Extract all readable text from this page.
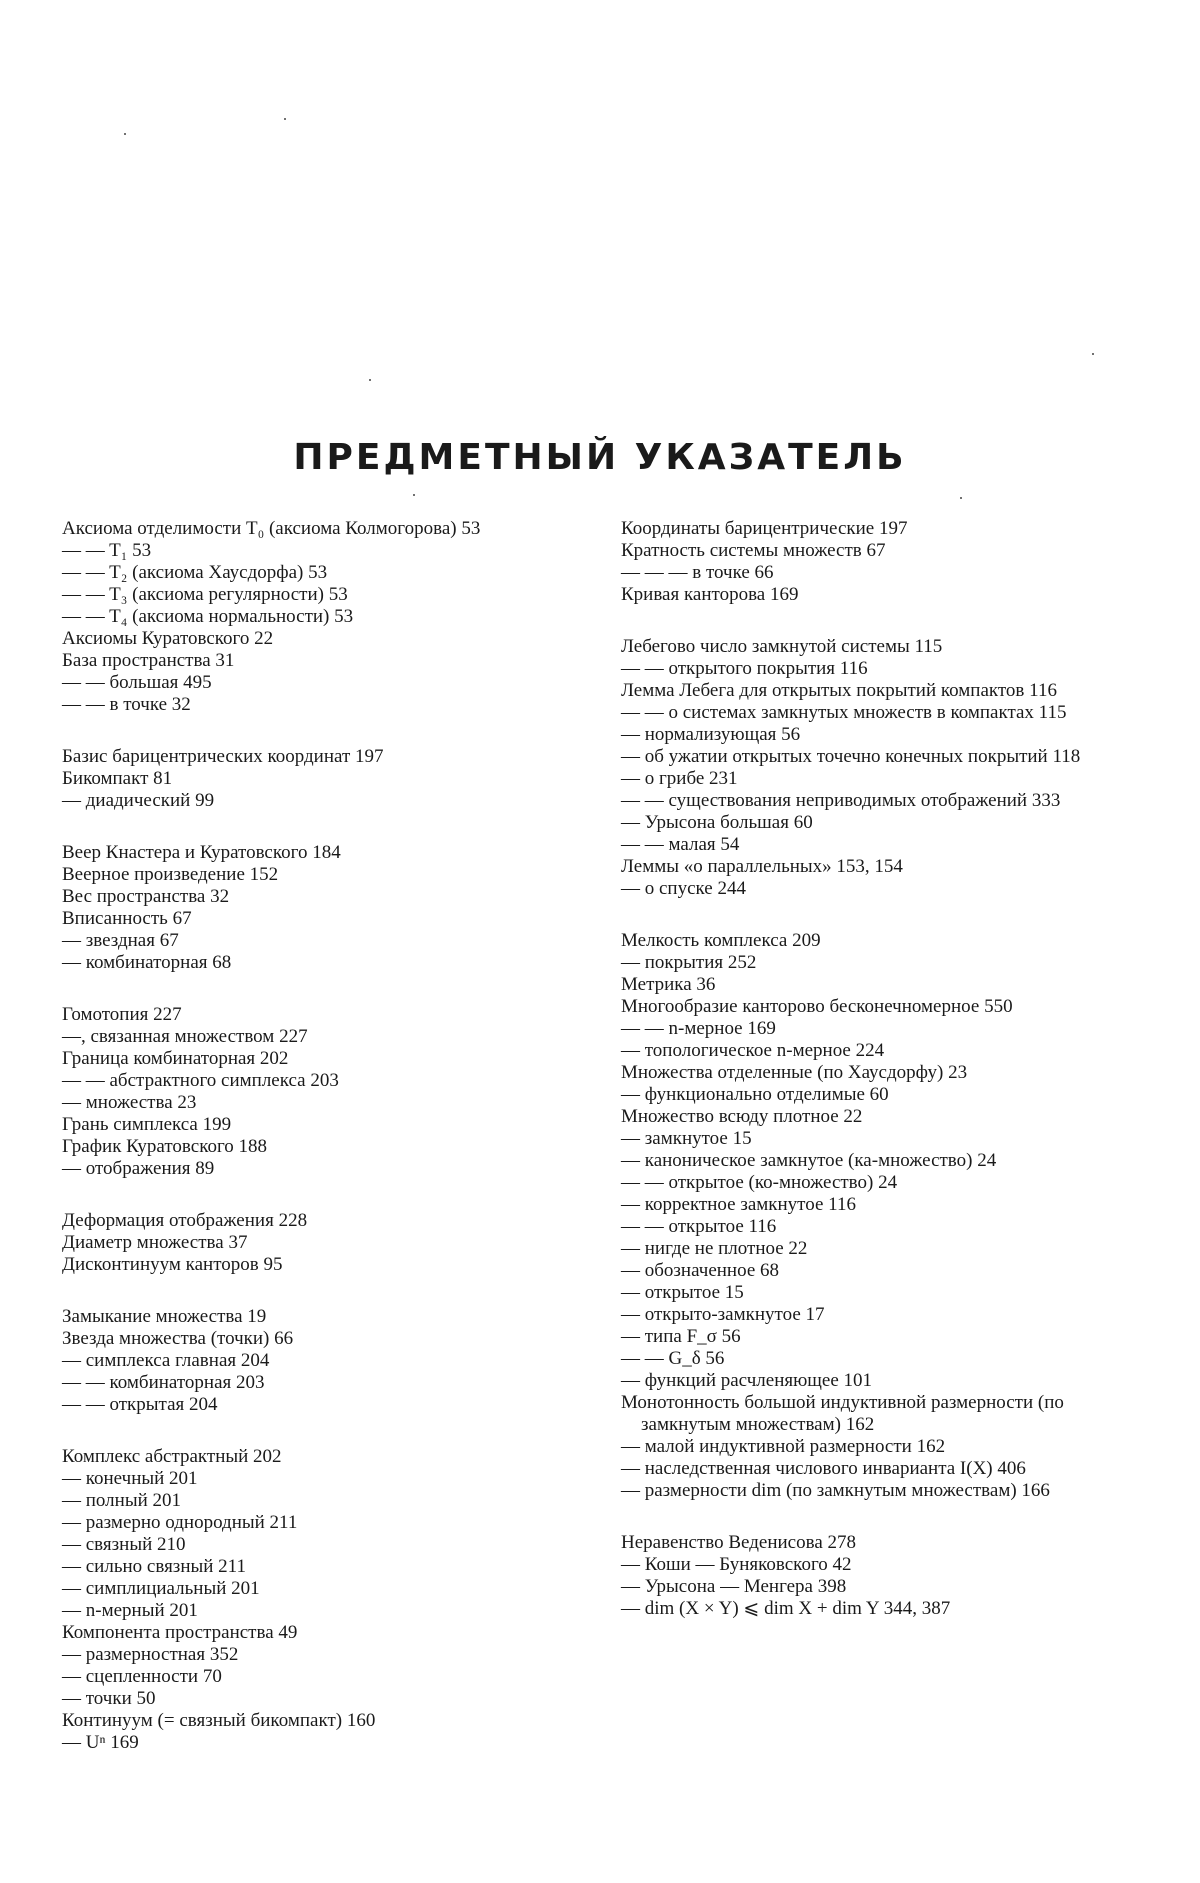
ПРЕДМЕТНЫЙ УКАЗАТЕЛЬ
Аксиома отделимости T₀ (аксиома Колмогорова) 53
— — T₁ 53
— — T₂ (аксиома Хаусдорфа) 53
— — T₃ (аксиома регулярности) 53
— — T₄ (аксиома нормальности) 53
Аксиомы Куратовского 22
База пространства 31
— — большая 495
— — в точке 32
Базис барицентрических координат 197
Бикомпакт 81
— диадический 99
Веер Кнастера и Куратовского 184
Веерное произведение 152
Вес пространства 32
Вписанность 67
— звездная 67
— комбинаторная 68
Гомотопия 227
—, связанная множеством 227
Граница комбинаторная 202
— — абстрактного симплекса 203
— множества 23
Грань симплекса 199
График Куратовского 188
— отображения 89
Деформация отображения 228
Диаметр множества 37
Дисконтинуум канторов 95
Замыкание множества 19
Звезда множества (точки) 66
— симплекса главная 204
— — комбинаторная 203
— — открытая 204
Комплекс абстрактный 202
— конечный 201
— полный 201
— размерно однородный 211
— связный 210
— сильно связный 211
— симплициальный 201
— n-мерный 201
Компонента пространства 49
— размерностная 352
— сцепленности 70
— точки 50
Континуум (= связный бикомпакт) 160
— Uⁿ 169
Координаты барицентрические 197
Кратность системы множеств 67
— — — в точке 66
Кривая канторова 169
Лебегово число замкнутой системы 115
— — открытого покрытия 116
Лемма Лебега для открытых покрытий компактов 116
— — о системах замкнутых множеств в компактах 115
— нормализующая 56
— об ужатии открытых точечно конечных покрытий 118
— о грибе 231
— — существования неприводимых отображений 333
— Урысона большая 60
— — малая 54
Леммы «о параллельных» 153, 154
— о спуске 244
Мелкость комплекса 209
— покрытия 252
Метрика 36
Многообразие канторово бесконечномерное 550
— — n-мерное 169
— топологическое n-мерное 224
Множества отделенные (по Хаусдорфу) 23
— функционально отделимые 60
Множество всюду плотное 22
— замкнутое 15
— каноническое замкнутое (ка-множество) 24
— — открытое (ко-множество) 24
— корректное замкнутое 116
— — открытое 116
— нигде не плотное 22
— обозначенное 68
— открытое 15
— открыто-замкнутое 17
— типа F_σ 56
— — G_δ 56
— функций расчленяющее 101
Монотонность большой индуктивной размерности (по замкнутым множествам) 162
— малой индуктивной размерности 162
— наследственная числового инварианта I(X) 406
— размерности dim (по замкнутым множествам) 166
Неравенство Веденисова 278
— Коши — Буняковского 42
— Урысона — Менгера 398
— dim (X × Y) ⩽ dim X + dim Y 344, 387
